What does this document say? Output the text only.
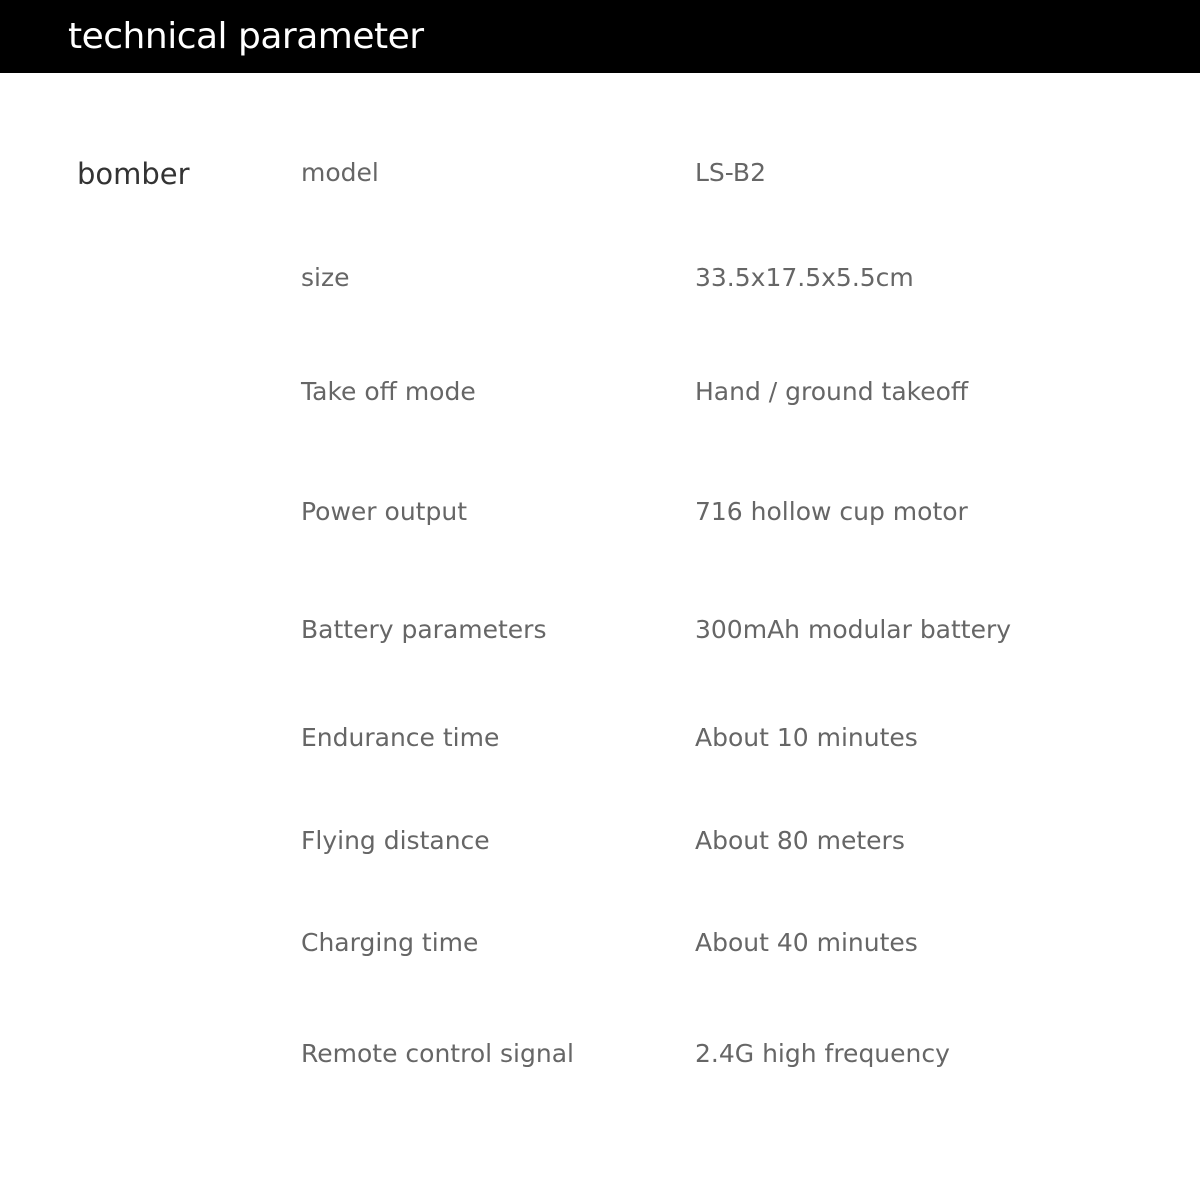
technical parameter
bomber	model	LS-B2
size	33.5x17.5x5.5cm
Take off mode	Hand / ground takeoff
Power output	716 hollow cup motor
Battery parameters	300mAh modular battery
Endurance time	About 10 minutes
Flying distance	About 80 meters
Charging time	About 40 minutes
Remote control signal	2.4G high frequency
